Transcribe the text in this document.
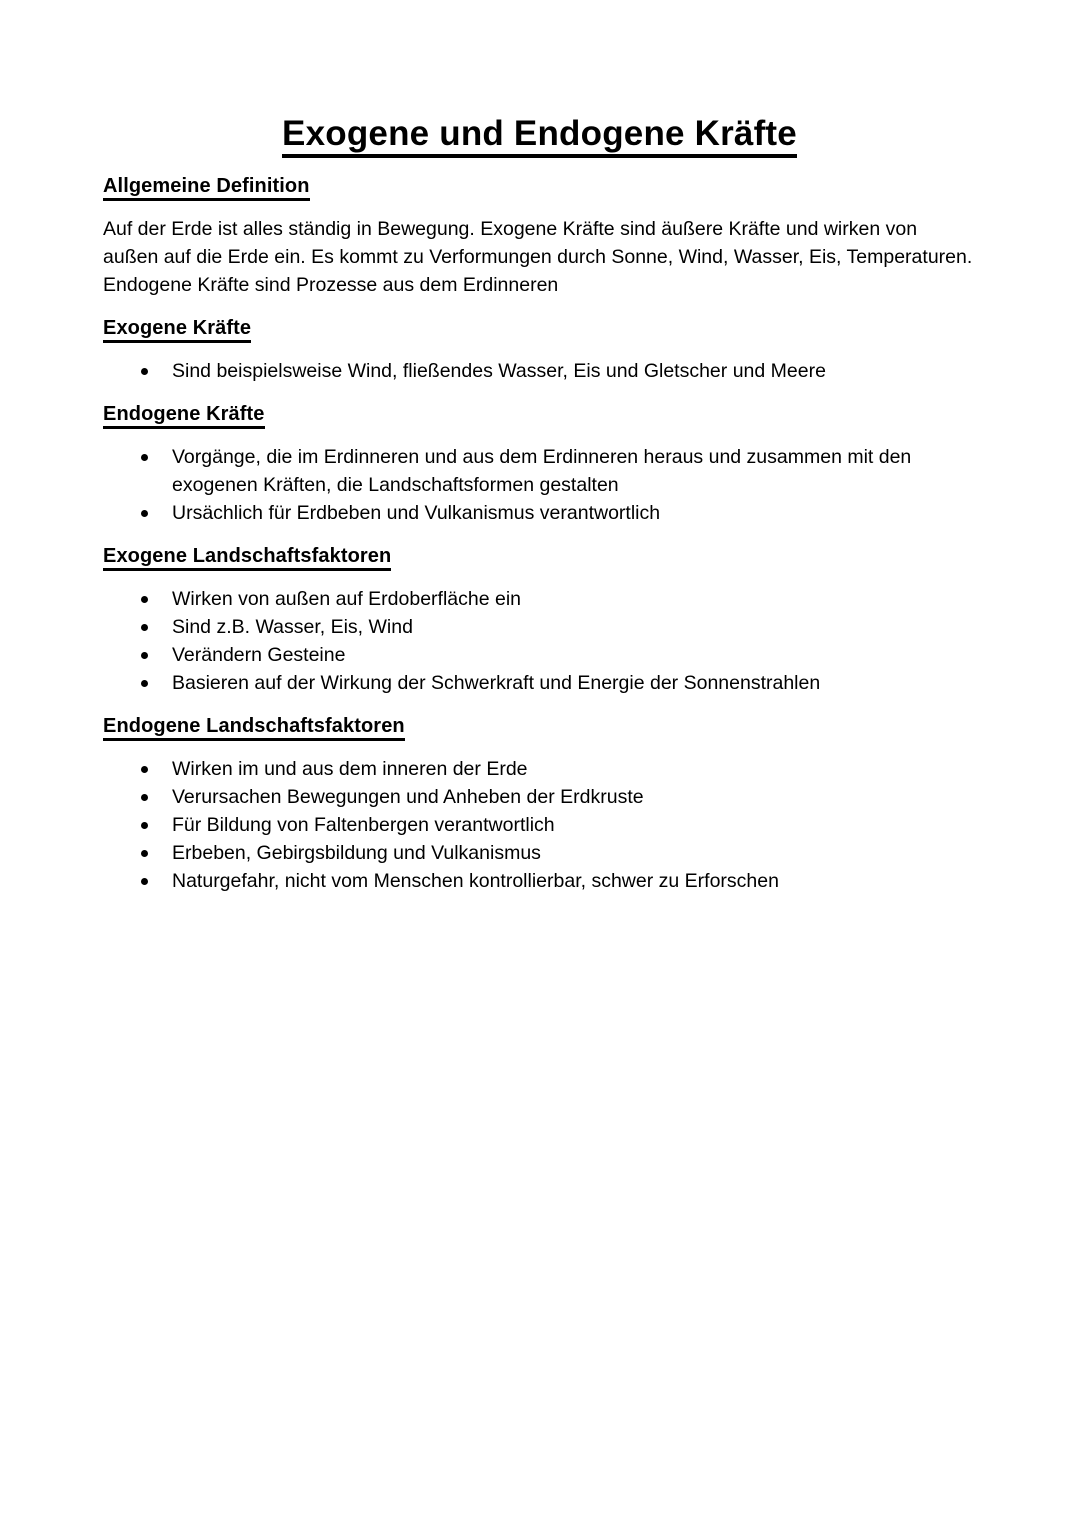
Exogene und Endogene Kräfte
Allgemeine Definition

Auf der Erde ist alles ständig in Bewegung. Exogene Kräfte sind äußere Kräfte und wirken von außen auf die Erde ein. Es kommt zu Verformungen durch Sonne, Wind, Wasser, Eis, Temperaturen. Endogene Kräfte sind Prozesse aus dem Erdinneren

Exogene Kräfte
Sind beispielsweise Wind, fließendes Wasser, Eis und Gletscher und Meere
Endogene Kräfte
Vorgänge, die im Erdinneren und aus dem Erdinneren heraus und zusammen mit den exogenen Kräften, die Landschaftsformen gestalten
Ursächlich für Erdbeben und Vulkanismus verantwortlich
Exogene Landschaftsfaktoren
Wirken von außen auf Erdoberfläche ein
Sind z.B. Wasser, Eis, Wind
Verändern Gesteine
Basieren auf der Wirkung der Schwerkraft und Energie der Sonnenstrahlen
Endogene Landschaftsfaktoren
Wirken im und aus dem inneren der Erde
Verursachen Bewegungen und Anheben der Erdkruste
Für Bildung von Faltenbergen verantwortlich
Erbeben, Gebirgsbildung und Vulkanismus
Naturgefahr, nicht vom Menschen kontrollierbar, schwer zu Erforschen
